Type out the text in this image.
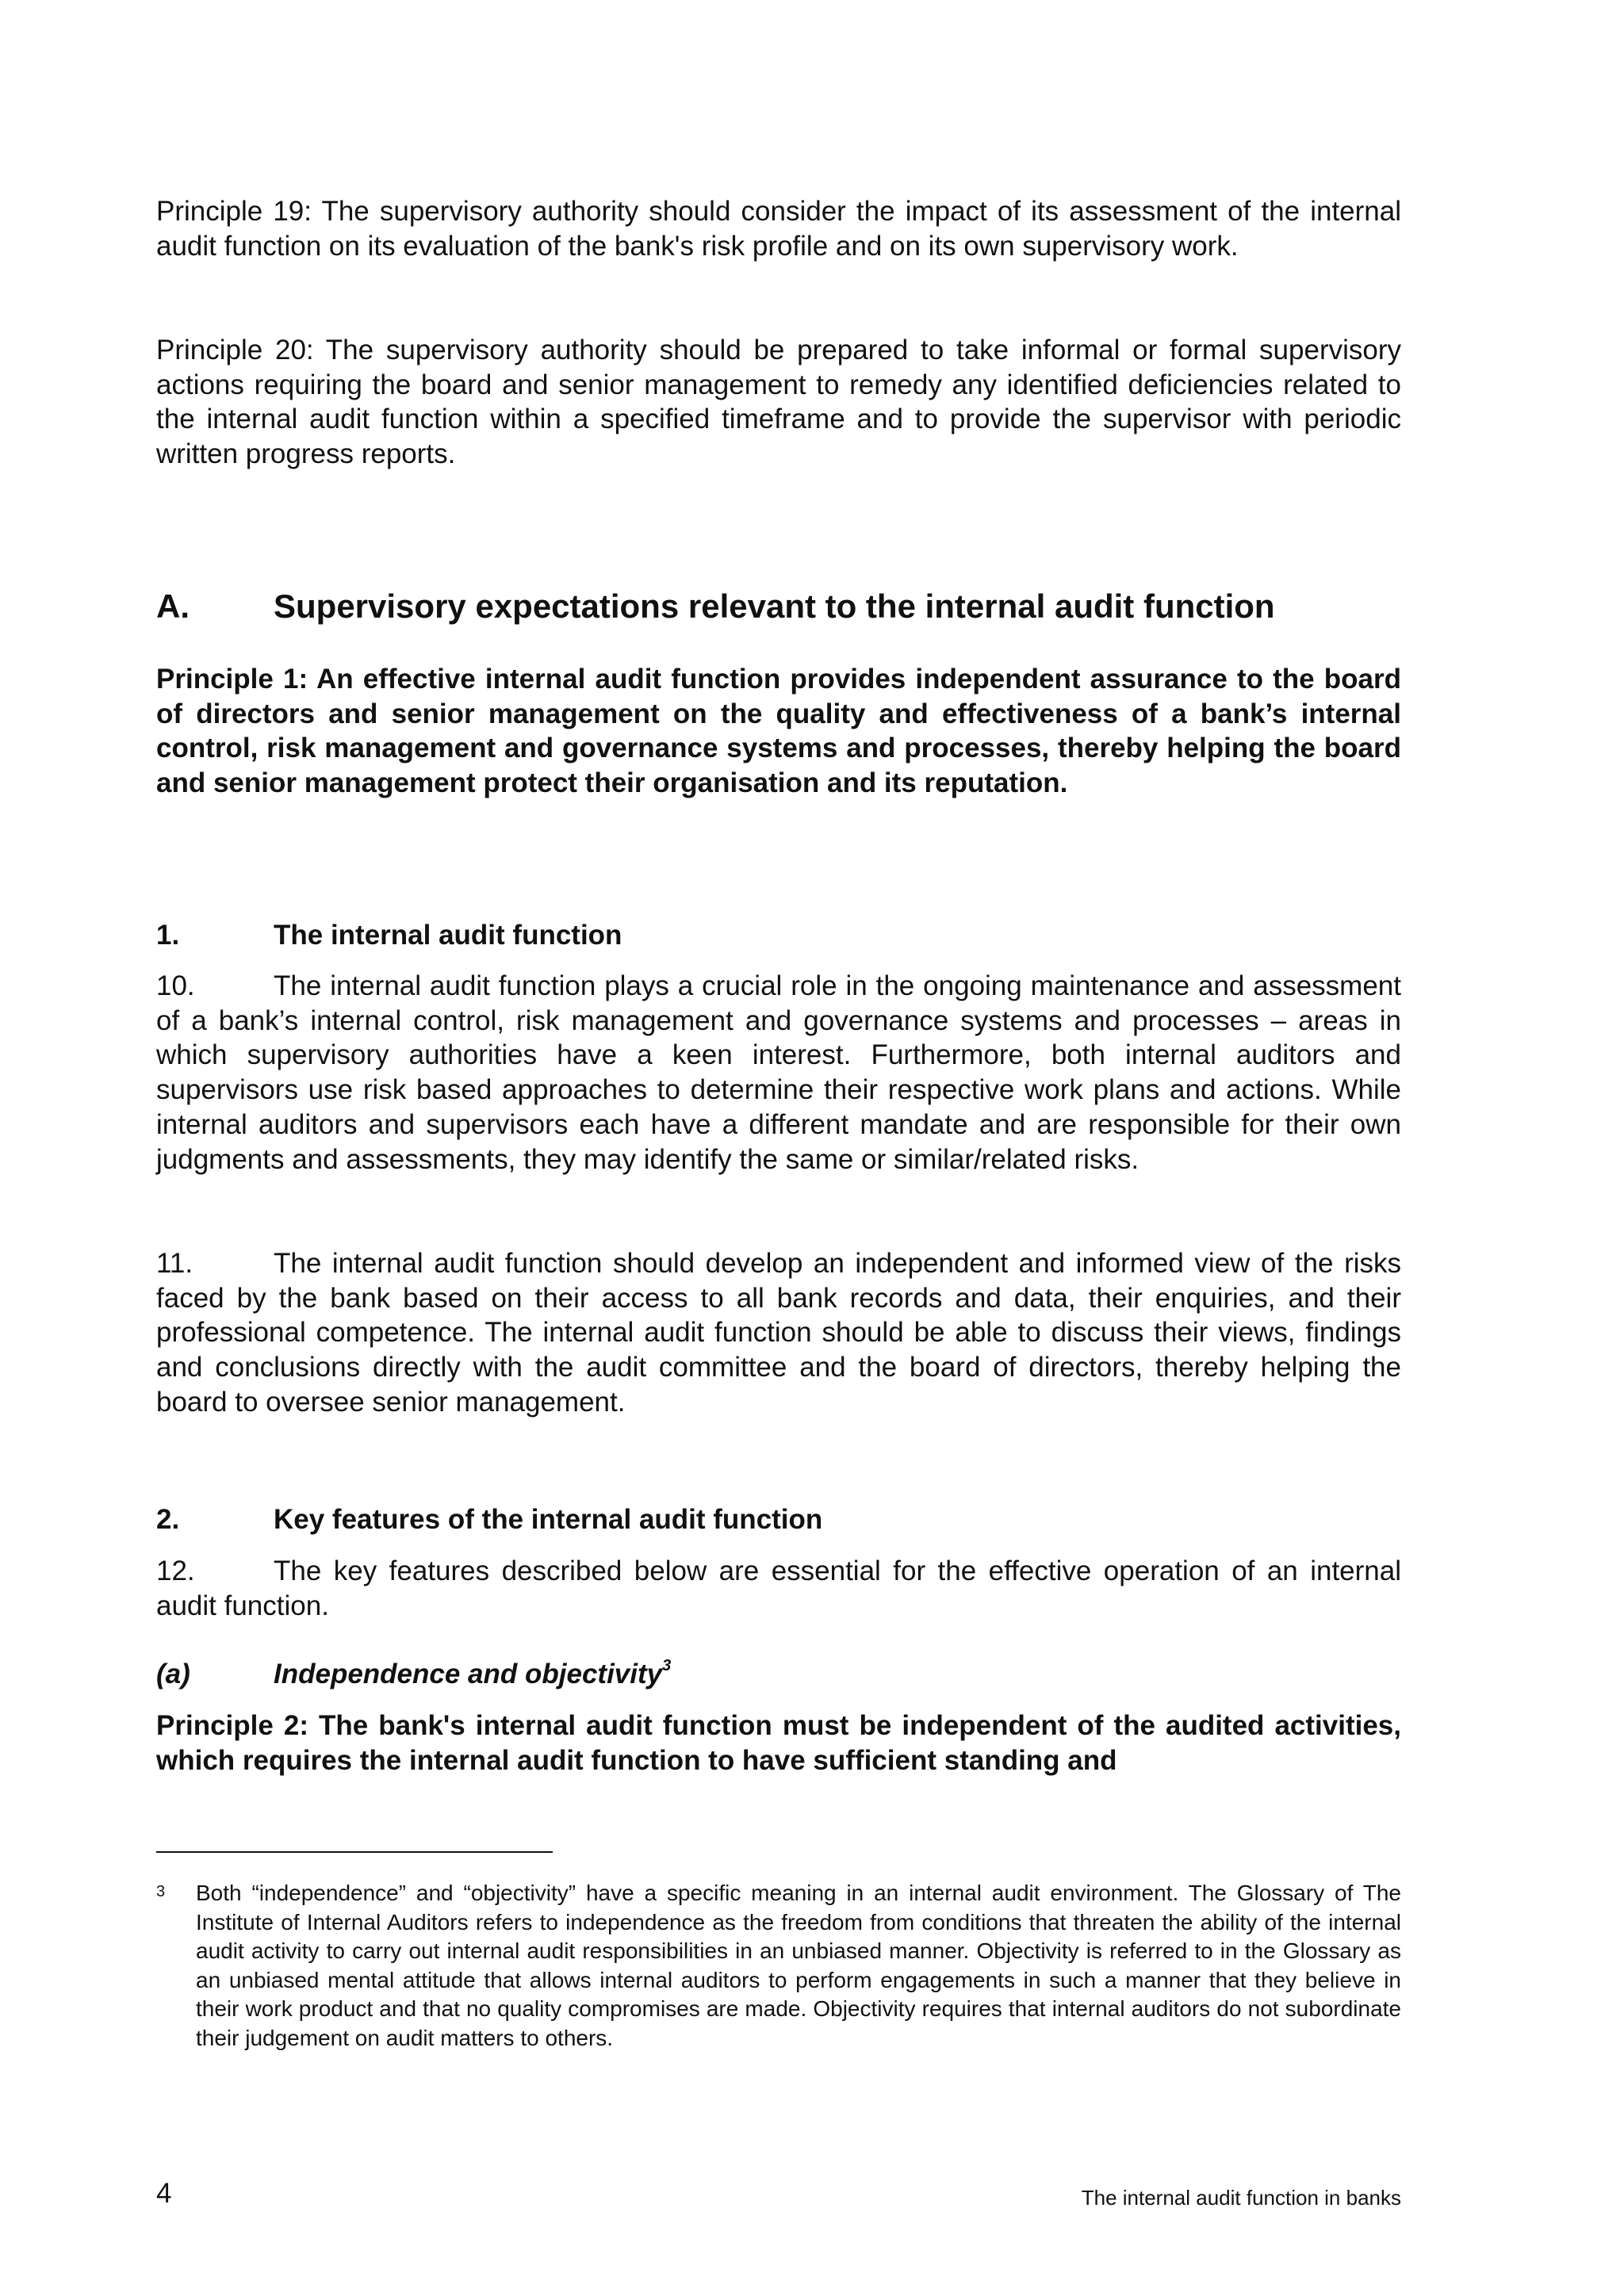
Principle 19: The supervisory authority should consider the impact of its assessment of the internal audit function on its evaluation of the bank's risk profile and on its own supervisory work.

Principle 20: The supervisory authority should be prepared to take informal or formal supervisory actions requiring the board and senior management to remedy any identified deficiencies related to the internal audit function within a specified timeframe and to provide the supervisor with periodic written progress reports.

A.	Supervisory expectations relevant to the internal audit function

Principle 1: An effective internal audit function provides independent assurance to the board of directors and senior management on the quality and effectiveness of a bank’s internal control, risk management and governance systems and processes, thereby helping the board and senior management protect their organisation and its reputation.

1.	The internal audit function

10.	The internal audit function plays a crucial role in the ongoing maintenance and assessment of a bank’s internal control, risk management and governance systems and processes – areas in which supervisory authorities have a keen interest. Furthermore, both internal auditors and supervisors use risk based approaches to determine their respective work plans and actions. While internal auditors and supervisors each have a different mandate and are responsible for their own judgments and assessments, they may identify the same or similar/related risks.

11.	The internal audit function should develop an independent and informed view of the risks faced by the bank based on their access to all bank records and data, their enquiries, and their professional competence. The internal audit function should be able to discuss their views, findings and conclusions directly with the audit committee and the board of directors, thereby helping the board to oversee senior management.

2.	Key features of the internal audit function

12.	The key features described below are essential for the effective operation of an internal audit function.

(a)	Independence and objectivity$^3$

Principle 2: The bank's internal audit function must be independent of the audited activities, which requires the internal audit function to have sufficient standing and

3 Both “independence” and “objectivity” have a specific meaning in an internal audit environment. The Glossary of The Institute of Internal Auditors refers to independence as the freedom from conditions that threaten the ability of the internal audit activity to carry out internal audit responsibilities in an unbiased manner. Objectivity is referred to in the Glossary as an unbiased mental attitude that allows internal auditors to perform engagements in such a manner that they believe in their work product and that no quality compromises are made. Objectivity requires that internal auditors do not subordinate their judgement on audit matters to others.
4	The internal audit function in banks
